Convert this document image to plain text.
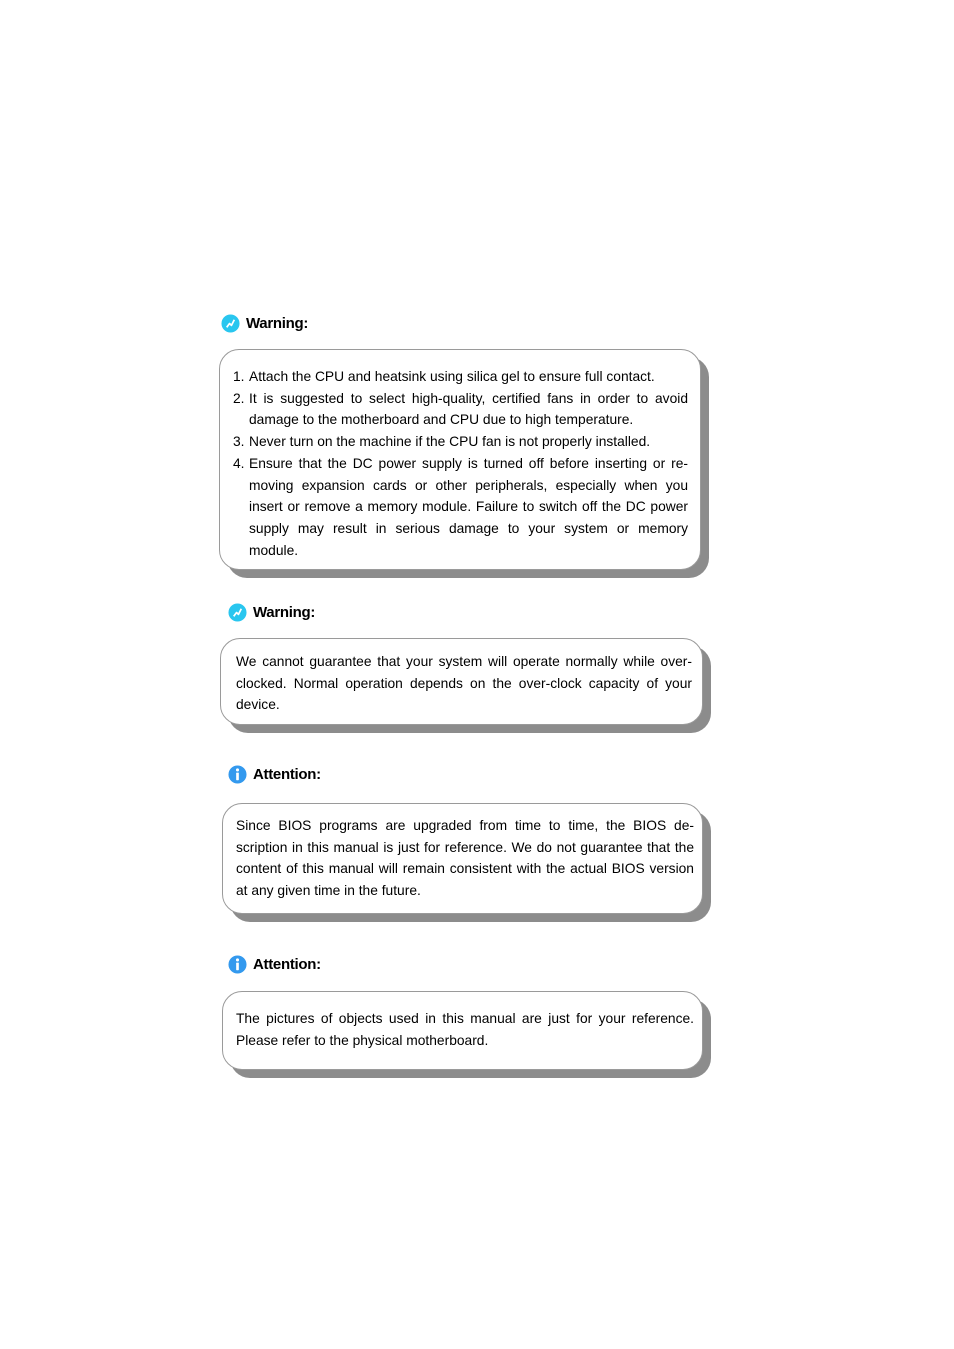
Warning:
1. Attach the CPU and heatsink using silica gel to ensure full contact.
2. It is suggested to select high-quality, certified fans in order to avoid damage to the motherboard and CPU due to high temperature.
3. Never turn on the machine if the CPU fan is not properly installed.
4. Ensure that the DC power supply is turned off before inserting or re-moving expansion cards or other peripherals, especially when you insert or remove a memory module. Failure to switch off the DC power supply may result in serious damage to your system or memory module.
Warning:

We cannot guarantee that your system will operate normally while over-clocked. Normal operation depends on the over-clock capacity of your device.

Attention:

Since BIOS programs are upgraded from time to time, the BIOS de-scription in this manual is just for reference. We do not guarantee that the content of this manual will remain consistent with the actual BIOS version at any given time in the future.

Attention:

The pictures of objects used in this manual are just for your reference. Please refer to the physical motherboard.
